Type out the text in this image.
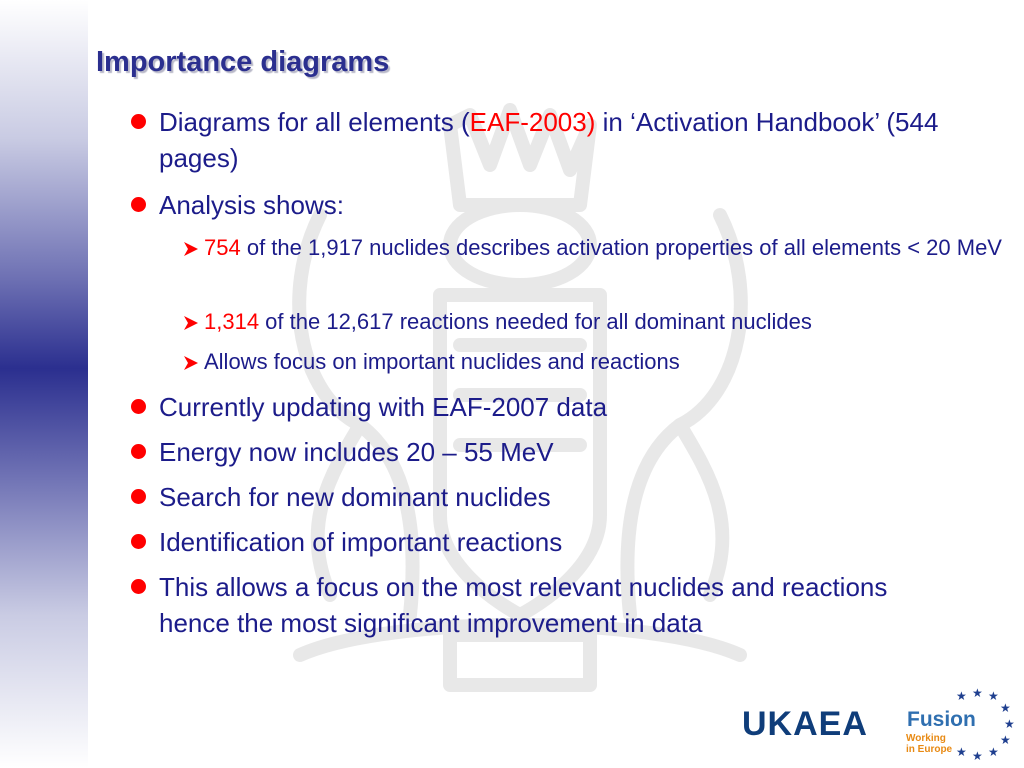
Importance diagrams
Diagrams for all elements (EAF-2003) in ‘Activation Handbook’ (544 pages)
Analysis shows:
754 of the 1,917 nuclides describes activation properties of all elements < 20 MeV
1,314 of the 12,617 reactions needed for all dominant nuclides
Allows focus on important nuclides and reactions
Currently updating with EAF-2007 data
Energy now includes 20 – 55 MeV
Search for new dominant nuclides
Identification of important reactions
This allows a focus on the most relevant nuclides and reactions hence the most significant improvement in data
UKAEA
★ ★ ★
★
★
★
★
★
★
Fusion
Working
in Europe
